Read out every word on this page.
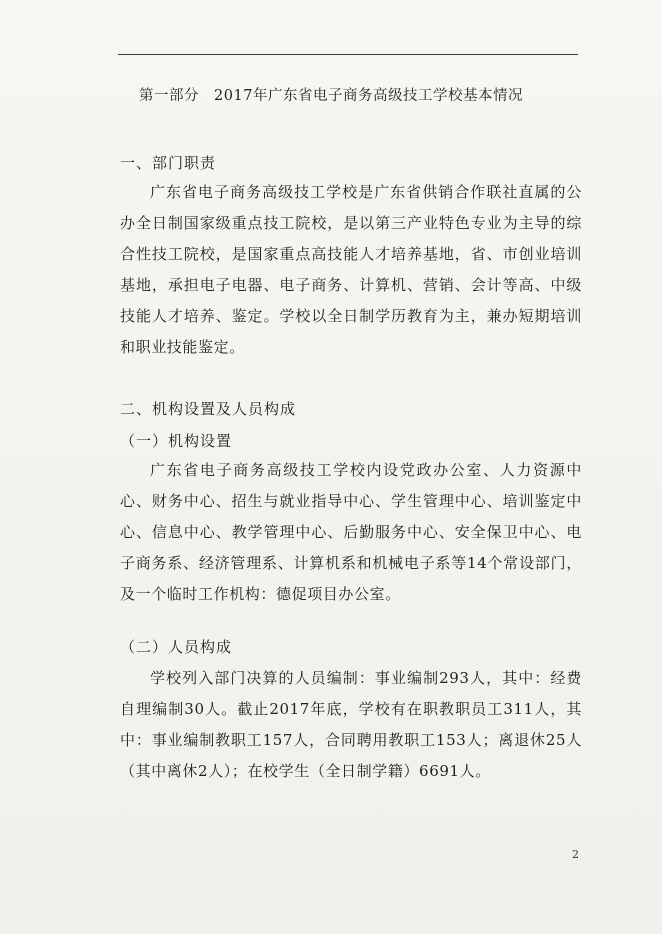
第一部分　2017年广东省电子商务高级技工学校基本情况
一、部门职责
广东省电子商务高级技工学校是广东省供销合作联社直属的公办全日制国家级重点技工院校，是以第三产业特色专业为主导的综合性技工院校，是国家重点高技能人才培养基地，省、市创业培训基地，承担电子电器、电子商务、计算机、营销、会计等高、中级技能人才培养、鉴定。学校以全日制学历教育为主，兼办短期培训和职业技能鉴定。
二、机构设置及人员构成
（一）机构设置
广东省电子商务高级技工学校内设党政办公室、人力资源中心、财务中心、招生与就业指导中心、学生管理中心、培训鉴定中心、信息中心、教学管理中心、后勤服务中心、安全保卫中心、电子商务系、经济管理系、计算机系和机械电子系等14个常设部门，及一个临时工作机构：德促项目办公室。
（二）人员构成
学校列入部门决算的人员编制：事业编制293人，其中：经费自理编制30人。截止2017年底，学校有在职教职员工311人，其中：事业编制教职工157人，合同聘用教职工153人；离退休25人（其中离休2人）；在校学生（全日制学籍）6691人。
2
